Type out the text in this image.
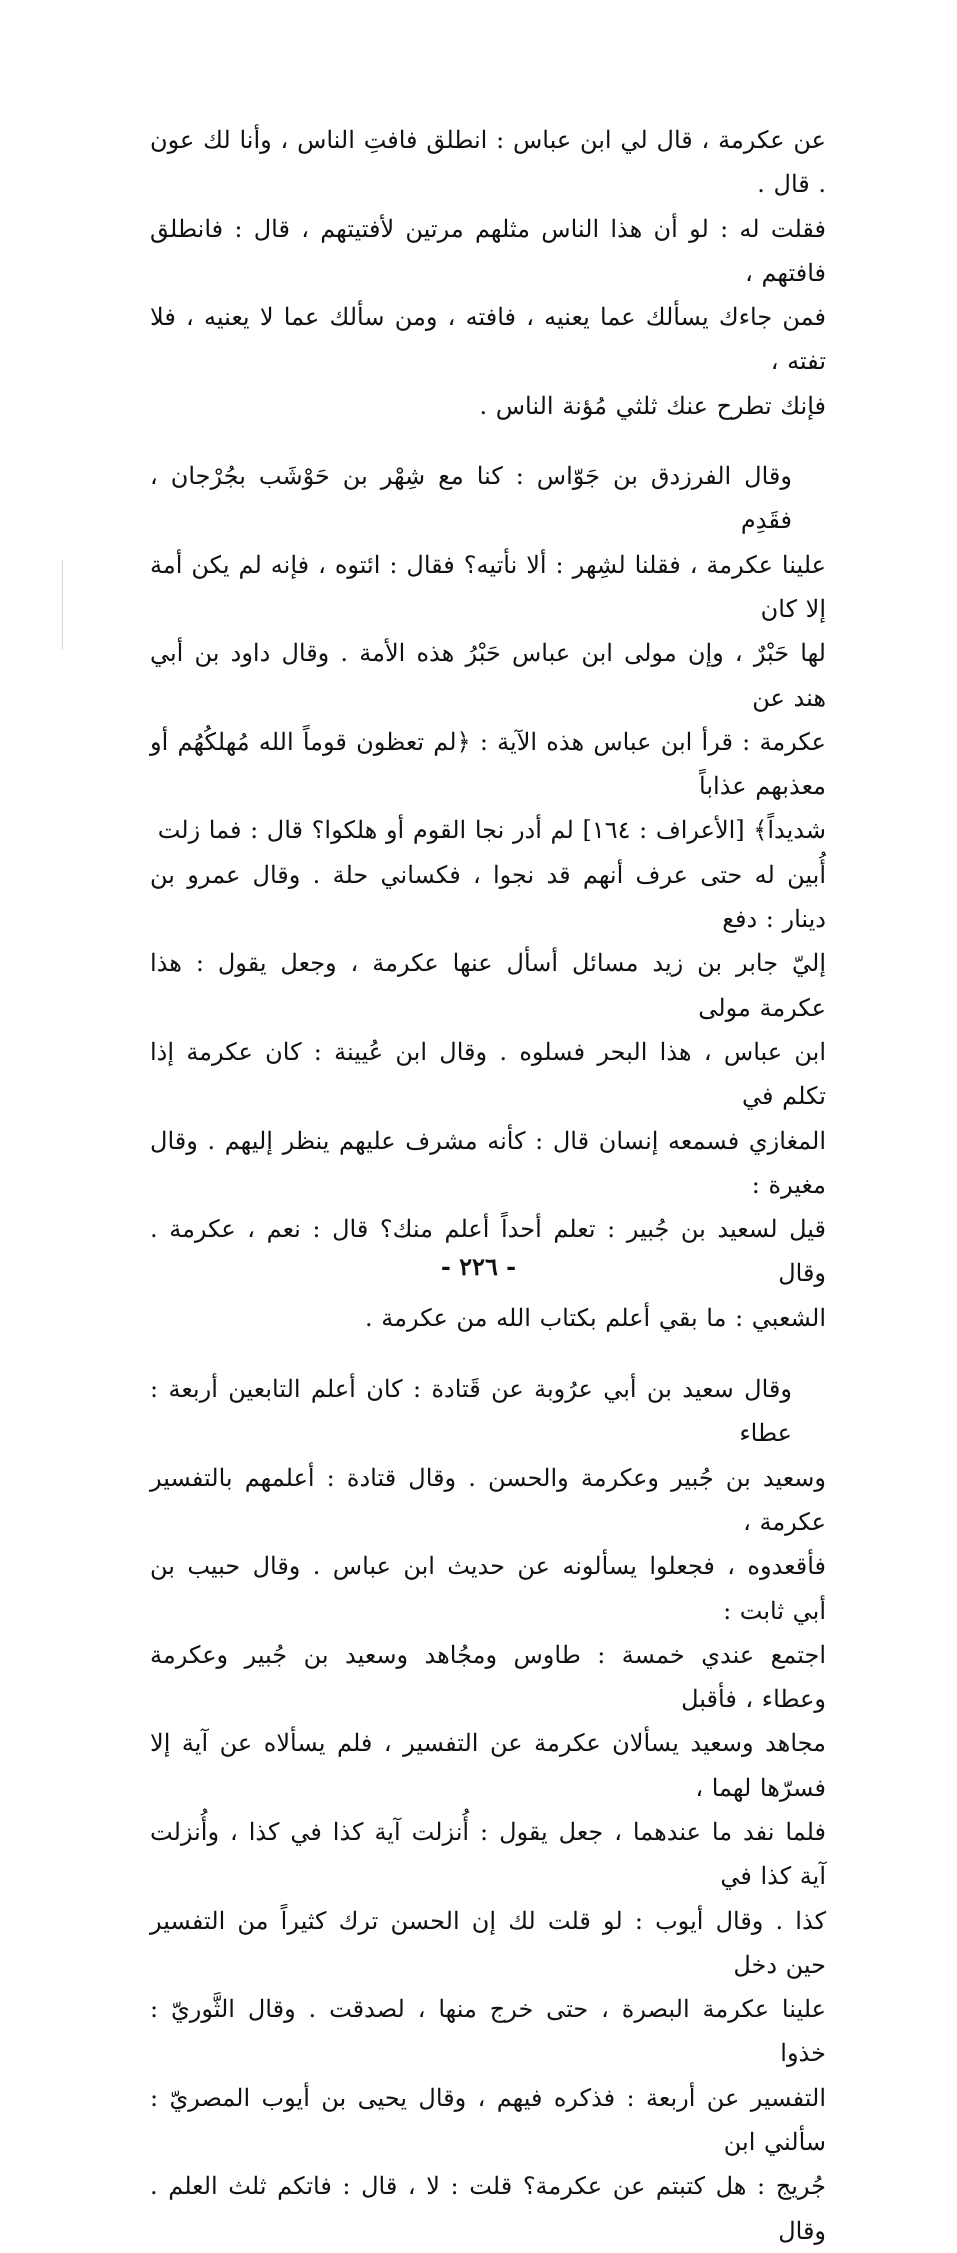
عن عكرمة ، قال لي ابن عباس : انطلق فافتِ الناس ، وأنا لك عون . قال .
فقلت له : لو أن هذا الناس مثلهم مرتين لأفتيتهم ، قال : فانطلق فافتهم ،
فمن جاءك يسألك عما يعنيه ، فافته ، ومن سألك عما لا يعنيه ، فلا تفته ،
فإنك تطرح عنك ثلثي مُؤنة الناس .

وقال الفرزدق بن جَوّاس : كنا مع شِهْر بن حَوْشَب بجُرْجان ، فقَدِم
علينا عكرمة ، فقلنا لشِهر : ألا نأتيه؟ فقال : ائتوه ، فإنه لم يكن أمة إلا كان
لها حَبْرٌ ، وإن مولى ابن عباس حَبْرُ هذه الأمة . وقال داود بن أبي هند عن
عكرمة : قرأ ابن عباس هذه الآية : ﴿لم تعظون قوماً الله مُهلكُهُم أو معذبهم عذاباً
شديداً﴾ [الأعراف : ١٦٤] لم أدر نجا القوم أو هلكوا؟ قال : فما زلت
أُبين له حتى عرف أنهم قد نجوا ، فكساني حلة . وقال عمرو بن دينار : دفع
إليّ جابر بن زيد مسائل أسأل عنها عكرمة ، وجعل يقول : هذا عكرمة مولى
ابن عباس ، هذا البحر فسلوه . وقال ابن عُيينة : كان عكرمة إذا تكلم في
المغازي فسمعه إنسان قال : كأنه مشرف عليهم ينظر إليهم . وقال مغيرة :
قيل لسعيد بن جُبير : تعلم أحداً أعلم منك؟ قال : نعم ، عكرمة . وقال
الشعبي : ما بقي أعلم بكتاب الله من عكرمة .

وقال سعيد بن أبي عرُوبة عن قَتادة : كان أعلم التابعين أربعة : عطاء
وسعيد بن جُبير وعكرمة والحسن . وقال قتادة : أعلمهم بالتفسير عكرمة ،
فأقعدوه ، فجعلوا يسألونه عن حديث ابن عباس . وقال حبيب بن أبي ثابت :
اجتمع عندي خمسة : طاوس ومجُاهد وسعيد بن جُبير وعكرمة وعطاء ، فأقبل
مجاهد وسعيد يسألان عكرمة عن التفسير ، فلم يسألاه عن آية إلا فسرّها لهما ،
فلما نفد ما عندهما ، جعل يقول : أُنزلت آية كذا في كذا ، وأُنزلت آية كذا في
كذا . وقال أيوب : لو قلت لك إن الحسن ترك كثيراً من التفسير حين دخل
علينا عكرمة البصرة ، حتى خرج منها ، لصدقت . وقال الثَّوريّ : خذوا
التفسير عن أربعة : فذكره فيهم ، وقال يحيى بن أيوب المصريّ : سألني ابن
جُريج : هل كتبتم عن عكرمة؟ قلت : لا ، قال : فاتكم ثلث العلم . وقال

- ٢٢٦ -
